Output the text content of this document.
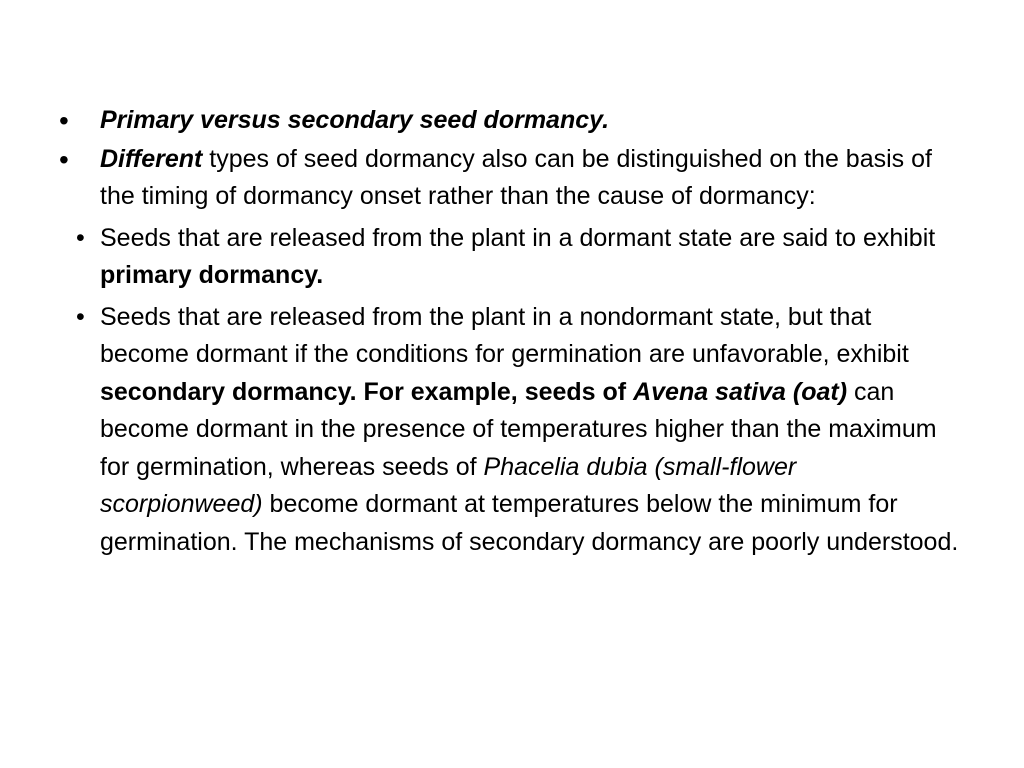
• Primary versus secondary seed dormancy.
• Different types of seed dormancy also can be distinguished on the basis of the timing of dormancy onset rather than the cause of dormancy:
• Seeds that are released from the plant in a dormant state are said to exhibit primary dormancy.
• Seeds that are released from the plant in a nondormant state, but that become dormant if the conditions for germination are unfavorable, exhibit secondary dormancy. For example, seeds of Avena sativa (oat) can become dormant in the presence of temperatures higher than the maximum for germination, whereas seeds of Phacelia dubia (small-flower scorpionweed) become dormant at temperatures below the minimum for germination. The mechanisms of secondary dormancy are poorly understood.
